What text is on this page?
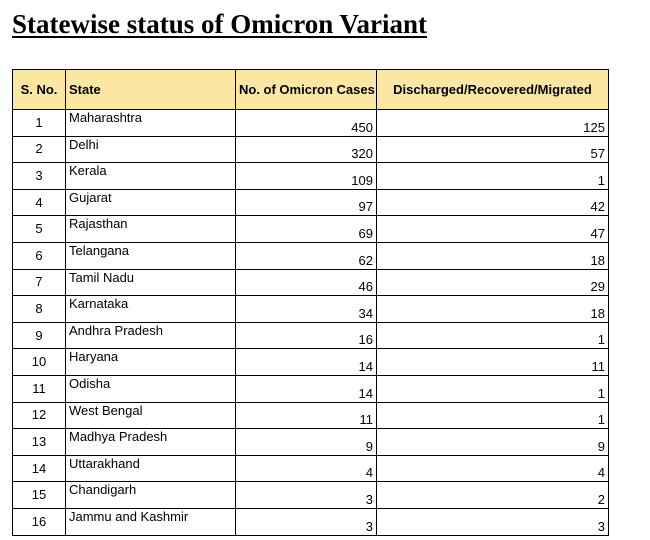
Statewise status of Omicron Variant
S. No.	State	No. of Omicron Cases	Discharged/Recovered/Migrated
1	Maharashtra	450	125
2	Delhi	320	57
3	Kerala	109	1
4	Gujarat	97	42
5	Rajasthan	69	47
6	Telangana	62	18
7	Tamil Nadu	46	29
8	Karnataka	34	18
9	Andhra Pradesh	16	1
10	Haryana	14	11
11	Odisha	14	1
12	West Bengal	11	1
13	Madhya Pradesh	9	9
14	Uttarakhand	4	4
15	Chandigarh	3	2
16	Jammu and Kashmir	3	3
